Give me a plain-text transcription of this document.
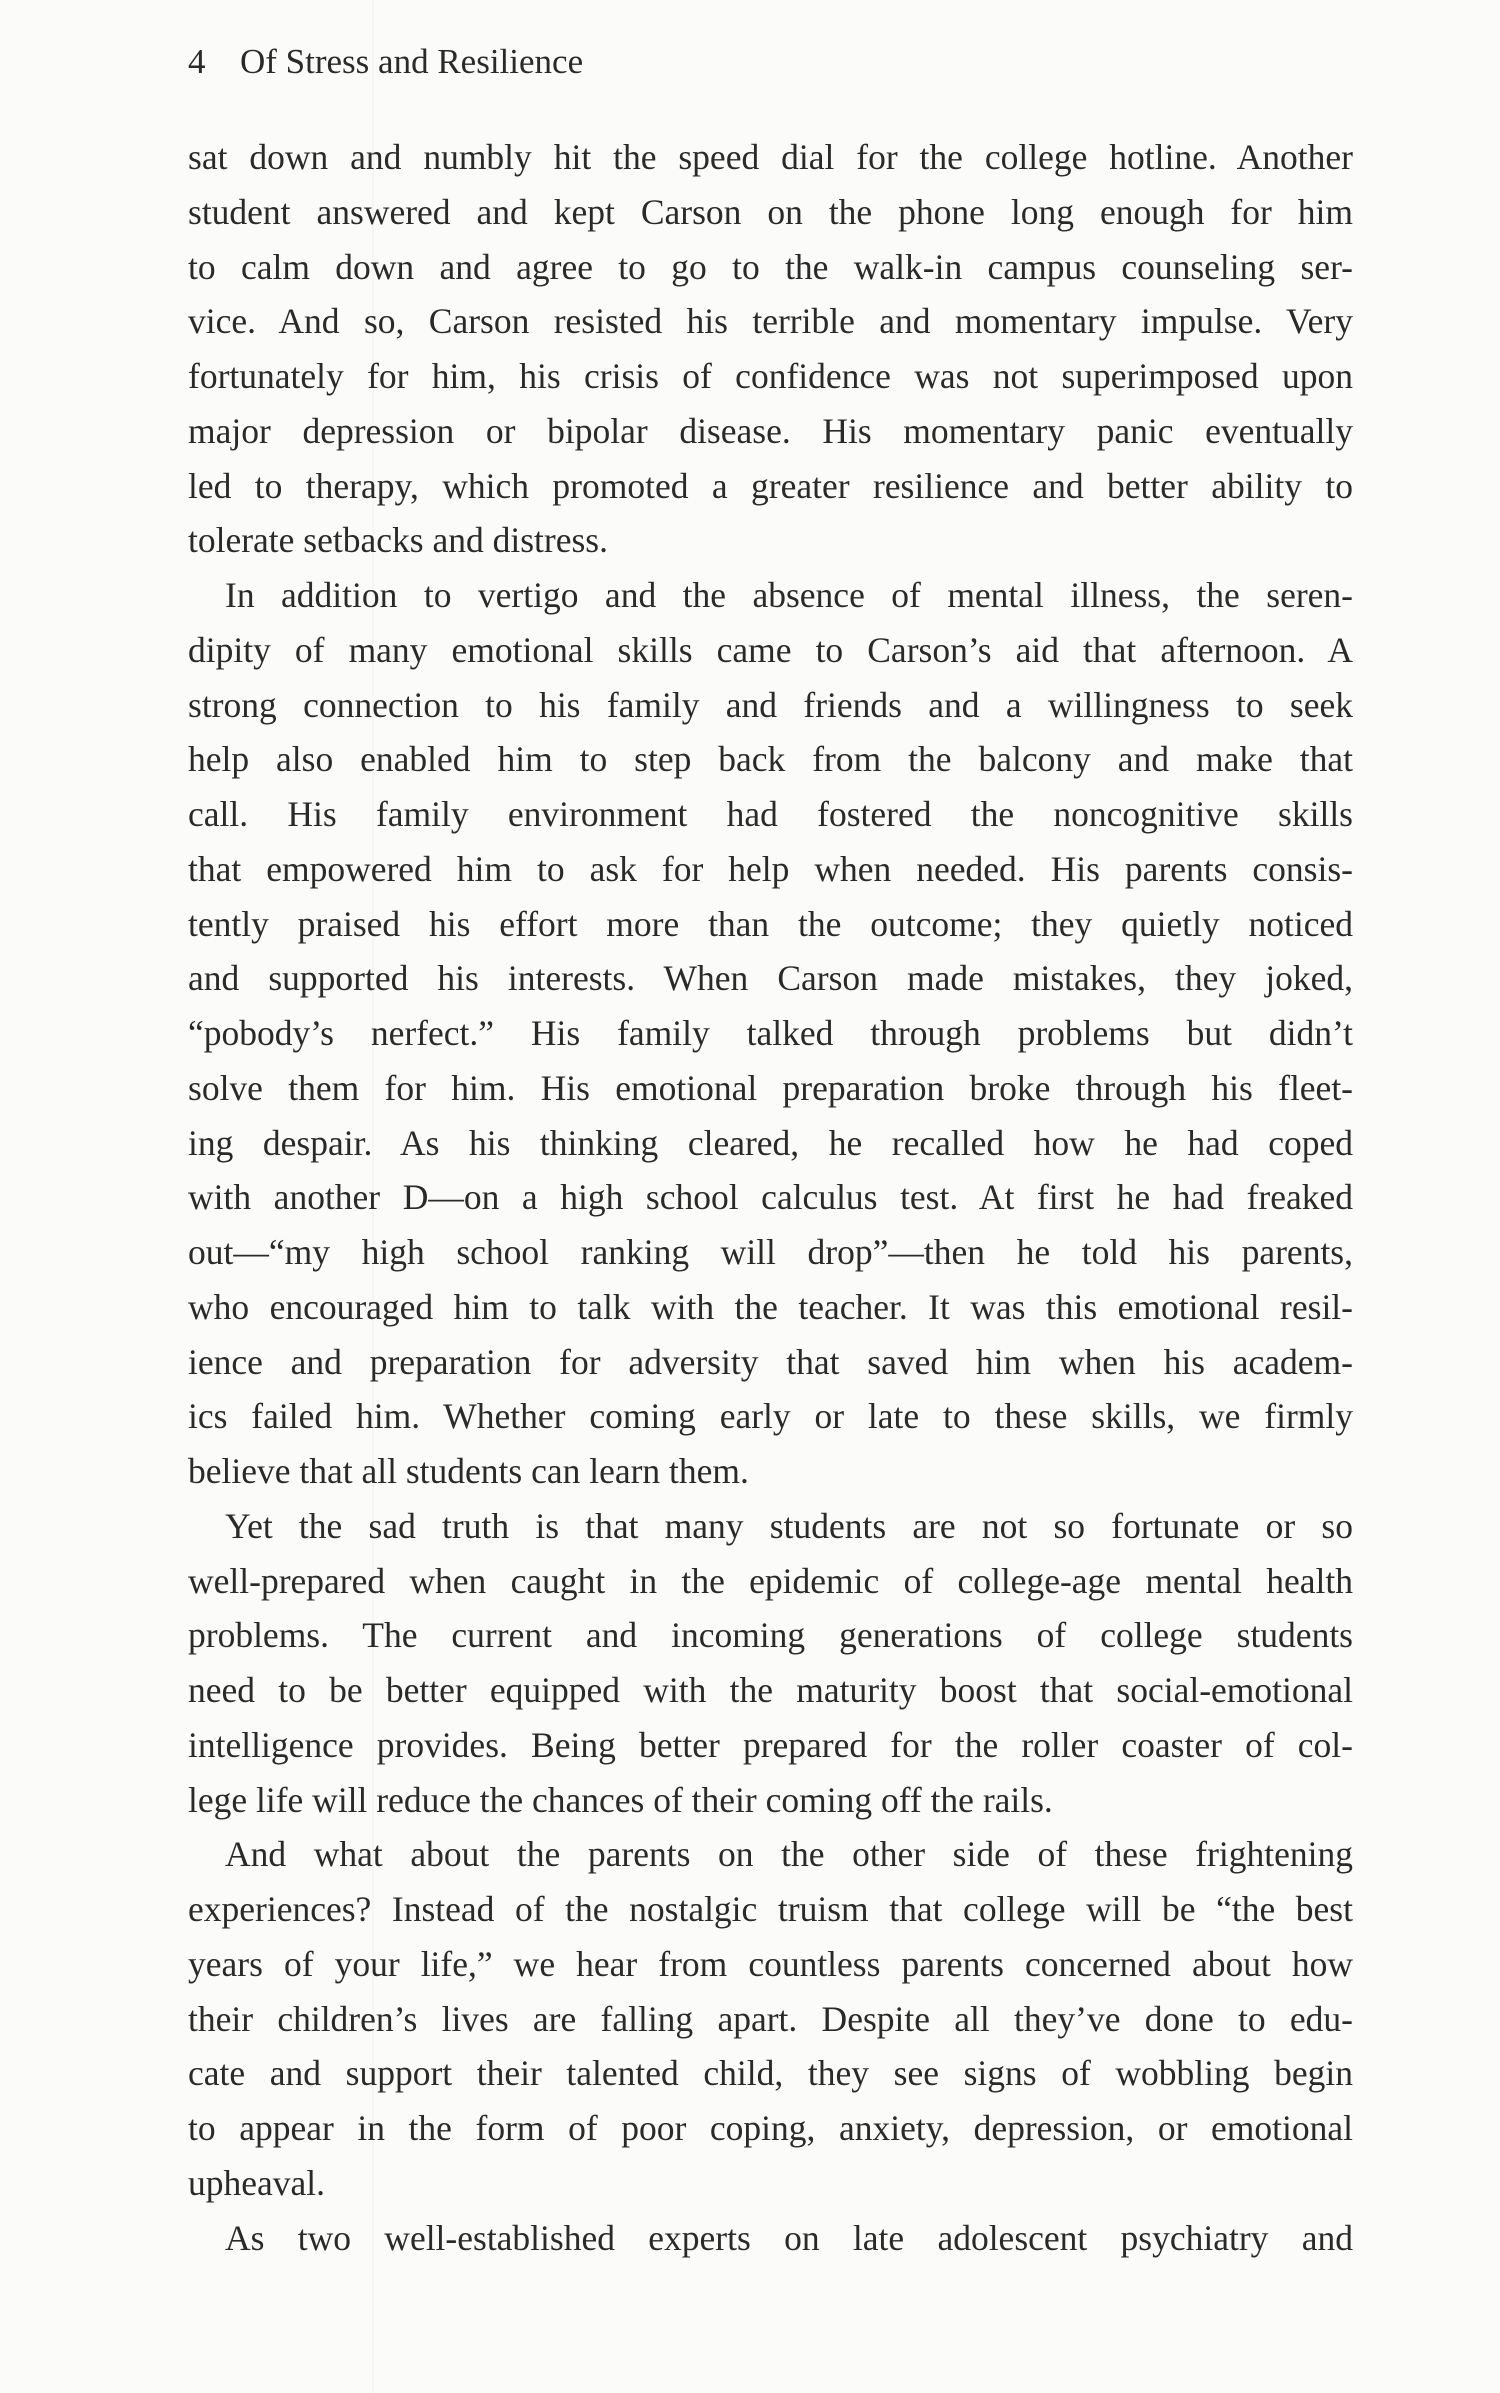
4 Of Stress and Resilience
sat down and numbly hit the speed dial for the college hotline. Another
student answered and kept Carson on the phone long enough for him
to calm down and agree to go to the walk-in campus counseling ser-
vice. And so, Carson resisted his terrible and momentary impulse. Very
fortunately for him, his crisis of confidence was not superimposed upon
major depression or bipolar disease. His momentary panic eventually
led to therapy, which promoted a greater resilience and better ability to
tolerate setbacks and distress.
In addition to vertigo and the absence of mental illness, the seren-
dipity of many emotional skills came to Carson’s aid that afternoon. A
strong connection to his family and friends and a willingness to seek
help also enabled him to step back from the balcony and make that
call. His family environment had fostered the noncognitive skills
that empowered him to ask for help when needed. His parents consis-
tently praised his effort more than the outcome; they quietly noticed
and supported his interests. When Carson made mistakes, they joked,
“pobody’s nerfect.” His family talked through problems but didn’t
solve them for him. His emotional preparation broke through his fleet-
ing despair. As his thinking cleared, he recalled how he had coped
with another D—on a high school calculus test. At first he had freaked
out—“my high school ranking will drop”—then he told his parents,
who encouraged him to talk with the teacher. It was this emotional resil-
ience and preparation for adversity that saved him when his academ-
ics failed him. Whether coming early or late to these skills, we firmly
believe that all students can learn them.
Yet the sad truth is that many students are not so fortunate or so
well-prepared when caught in the epidemic of college-age mental health
problems. The current and incoming generations of college students
need to be better equipped with the maturity boost that social-emotional
intelligence provides. Being better prepared for the roller coaster of col-
lege life will reduce the chances of their coming off the rails.
And what about the parents on the other side of these frightening
experiences? Instead of the nostalgic truism that college will be “the best
years of your life,” we hear from countless parents concerned about how
their children’s lives are falling apart. Despite all they’ve done to edu-
cate and support their talented child, they see signs of wobbling begin
to appear in the form of poor coping, anxiety, depression, or emotional
upheaval.
As two well-established experts on late adolescent psychiatry and
